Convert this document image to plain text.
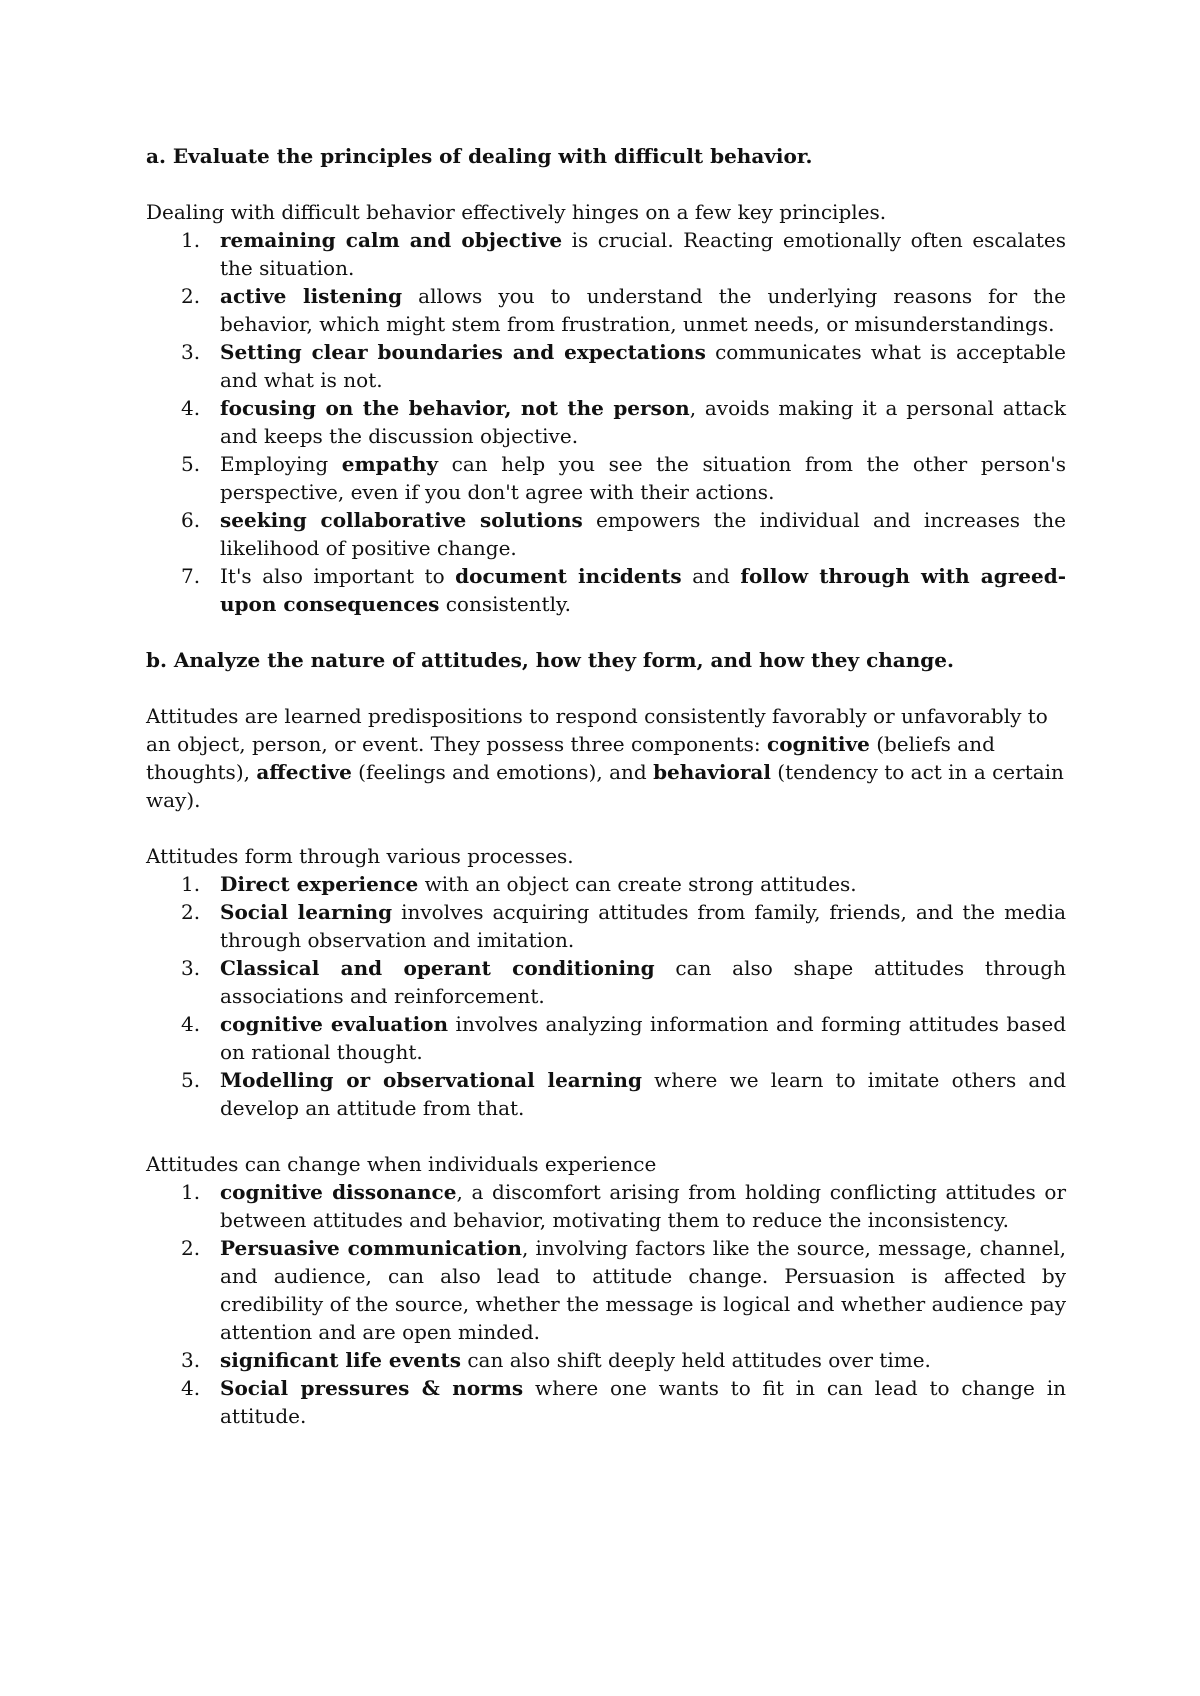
a. Evaluate the principles of dealing with difficult behavior.

Dealing with difficult behavior effectively hinges on a few key principles.

1. remaining calm and objective is crucial. Reacting emotionally often escalates the situation.
2. active listening allows you to understand the underlying reasons for the behavior, which might stem from frustration, unmet needs, or misunderstandings.
3. Setting clear boundaries and expectations communicates what is acceptable and what is not.
4. focusing on the behavior, not the person, avoids making it a personal attack and keeps the discussion objective.
5. Employing empathy can help you see the situation from the other person's perspective, even if you don't agree with their actions.
6. seeking collaborative solutions empowers the individual and increases the likelihood of positive change.
7. It's also important to document incidents and follow through with agreed-upon consequences consistently.

b. Analyze the nature of attitudes, how they form, and how they change.

Attitudes are learned predispositions to respond consistently favorably or unfavorably to an object, person, or event. They possess three components: cognitive (beliefs and thoughts), affective (feelings and emotions), and behavioral (tendency to act in a certain way).

Attitudes form through various processes.

1. Direct experience with an object can create strong attitudes.
2. Social learning involves acquiring attitudes from family, friends, and the media through observation and imitation.
3. Classical and operant conditioning can also shape attitudes through associations and reinforcement.
4. cognitive evaluation involves analyzing information and forming attitudes based on rational thought.
5. Modelling or observational learning where we learn to imitate others and develop an attitude from that.

Attitudes can change when individuals experience

1. cognitive dissonance, a discomfort arising from holding conflicting attitudes or between attitudes and behavior, motivating them to reduce the inconsistency.
2. Persuasive communication, involving factors like the source, message, channel, and audience, can also lead to attitude change. Persuasion is affected by credibility of the source, whether the message is logical and whether audience pay attention and are open minded.
3. significant life events can also shift deeply held attitudes over time.
4. Social pressures & norms where one wants to fit in can lead to change in attitude.
